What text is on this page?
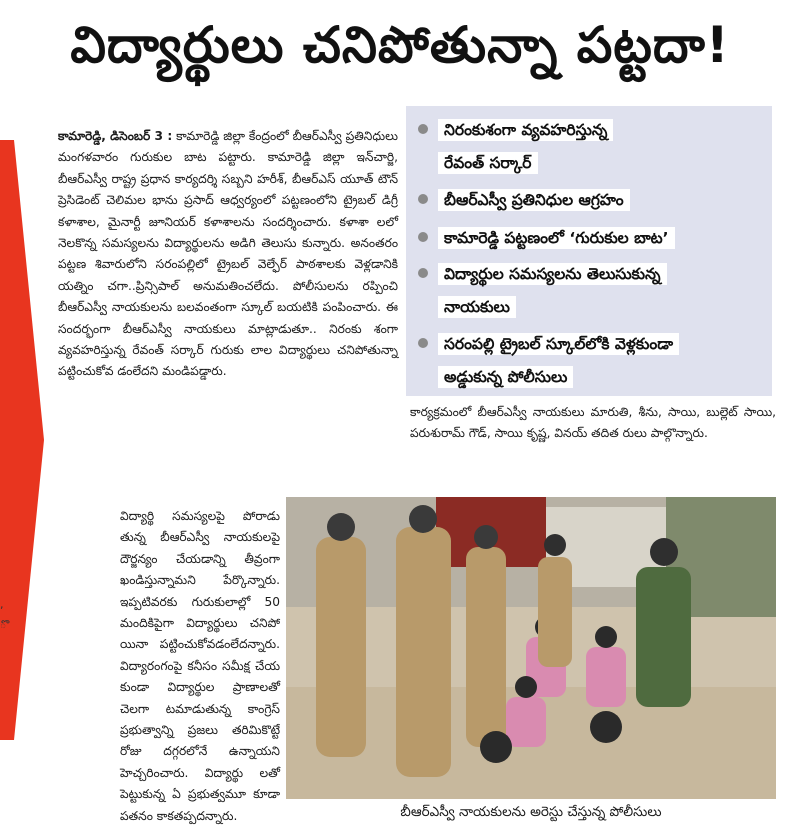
విద్యార్థులు చనిపోతున్నా పట్టదా!
,
ొ
కామారెడ్డి, డిసెంబర్ 3 : కామారెడ్డి జిల్లా కేంద్రంలో బీఆర్ఎస్వీ ప్రతినిధులు మంగళవారం గురుకుల బాట పట్టారు. కామారెడ్డి జిల్లా ఇన్‌చార్జి, బీఆర్ఎస్వీ రాష్ట్ర ప్రధాన కార్యదర్శి సబ్బని హరీశ్, బీఆర్ఎస్ యూత్ టౌన్ ప్రెసిడెంట్ చెలిమల భాను ప్రసాద్ ఆధ్వర్యంలో పట్టణంలోని ట్రైబల్ డిగ్రీ కళాశాల, మైనార్టీ జూనియర్ కళాశాలను సందర్శించారు. కళాశా లలో నెలకొన్న సమస్యలను విద్యార్థులను అడిగి తెలుసు కున్నారు. అనంతరం పట్టణ శివారులోని సరంపల్లిలో ట్రైబల్ వెల్ఫేర్ పాఠశాలకు వెళ్లడానికి యత్నిం చగా..ప్రిన్సిపాల్ అనుమతించలేదు. పోలీసులను రప్పించి బీఆర్ఎస్వీ నాయకులను బలవంతంగా స్కూల్ బయటికి పంపించారు. ఈ సందర్భంగా బీఆర్ఎస్వీ నాయకులు మాట్లాడుతూ.. నిరంకు శంగా వ్యవహరిస్తున్న రేవంత్ సర్కార్ గురుకు లాల విద్యార్థులు చనిపోతున్నా పట్టించుకోవ డంలేదని మండిపడ్డారు.
నిరంకుశంగా వ్యవహరిస్తున్న
రేవంత్ సర్కార్
బీఆర్ఎస్వీ ప్రతినిధుల ఆగ్రహం
కామారెడ్డి పట్టణంలో ‘గురుకుల బాట’
విద్యార్థుల సమస్యలను తెలుసుకున్న
నాయకులు
సరంపల్లి ట్రైబల్ స్కూల్‌లోకి వెళ్లకుండా
అడ్డుకున్న పోలీసులు
కార్యక్రమంలో బీఆర్ఎస్వీ నాయకులు మారుతి, శీను, సాయి, బుల్లెట్ సాయి, పరుశురామ్ గౌడ్, సాయి కృష్ణ, వినయ్ తదిత రులు పాల్గొన్నారు.
బీఆర్ఎస్వీ నాయకులను అరెస్టు చేస్తున్న పోలీసులు
విద్యార్థి సమస్యలపై పోరాడు తున్న బీఆర్ఎస్వీ నాయకులపై దౌర్జన్యం చేయడాన్ని తీవ్రంగా ఖండిస్తున్నామని పేర్కొన్నారు. ఇప్పటివరకు గురుకులాల్లో 50 మందికిపైగా విద్యార్థులు చనిపో యినా పట్టించుకోవడంలేదన్నారు. విద్యారంగంపై కనీసం సమీక్ష చేయ కుండా విద్యార్థుల ప్రాణాలతో చెలగా టమాడుతున్న కాంగ్రెస్ ప్రభుత్వాన్ని ప్రజలు తరిమికొట్టే రోజు దగ్గరలోనే ఉన్నాయని హెచ్చరించారు. విద్యార్థు లతో పెట్టుకున్న ఏ ప్రభుత్వమూ కూడా పతనం కాకతప్పదన్నారు.
